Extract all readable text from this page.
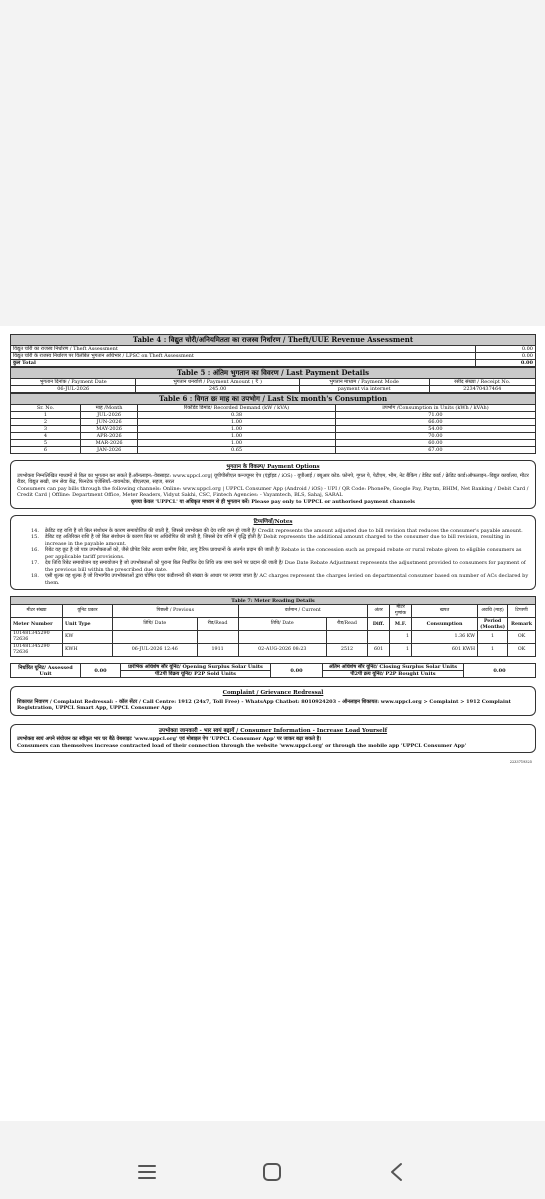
Table 4 : विद्युत चोरी/अनियमितता का राजस्व निर्धारण / Theft/UUE Revenue Assessment	
विद्युत चोरी का राजस्व निर्धारण / Theft Assessment	0.00
विद्युत चोरी के राजस्व निर्धारण पर विलंबित भुगतान अधिभार / LPSC on Theft Assessment	0.00
कुल Total	0.00
Table 5 : अंतिम भुगतान का विवरण / Last Payment Details			
भुगतान दिनांक / Payment Date	भुगतान धनराशि / Payment Amount ( ₹ )	भुगतान माध्यम / Payment Mode	रसीद संख्या / Receipt No.
06-JUL-2026	245.00	payment via internet	223470437464
Table 6 : विगत छः माह का उपभोग / Last Six month's Consumption			
Sr. No.	माह /Month	रिकॉर्डेड डिमांड/ Recorded Demand (kW / kVA)	उपभोग /Consumption in Units (kWh / kVAh)
1	JUL-2026	0.38	71.00
2	JUN-2026	1.00	66.00
3	MAY-2026	1.00	54.00
4	APR-2026	1.00	70.00
5	MAR-2026	1.00	60.00
6	JAN-2026	0.65	67.00
भुगतान के विकल्प/ Payment Options
उपभोक्ता निम्नलिखित माध्यमों से बिल का भुगतान कर सकते हैं:ऑनलाइन:-वेबसाइट: www.uppcl.org| यूपीपीसीएल कन्ज्यूमर ऐप (एंड्रॉइड / iOS) - यूपीआई / क्यूआर कोड: फ़ोनपे, गूगल पे, पेटीएम, भीम, नेट बैंकिंग / डेबिट कार्ड / क्रेडिट कार्ड।ऑफलाइन:-विद्युत कार्यालय, मीटर रीडर, विद्युत सखी, जन सेवा केंद्र, फिनटेक एजेंसियाँ:-वायमटेक, बीएलएस, सहज, सरल
Consumers can pay bills through the following channels: Online: www.uppcl.org | UPPCL Consumer App (Android / iOS) - UPI / QR Code: PhonePe, Google Pay, Paytm, BHIM, Net Banking / Debit Card / Credit Card | Offline: Department Office, Meter Readers, Vidyut Sakhi, CSC, Fintech Agencies: - Vayamtech, BLS, Sahaj, SARAL
कृपया केवल 'UPPCL' या अधिकृत माध्यम से ही भुगतान करें। Please pay only to UPPCL or authorised payment channels
टिप्पणियाँ/Notes
14.	क्रेडिट वह राशि है जो बिल संशोधन के कारण समायोजित की जाती है, जिससे उपभोक्ता की देय राशि कम हो जाती है/ Credit represents the amount adjusted due to bill revision that reduces the consumer's payable amount.
15.	डेबिट वह अतिरिक्त राशि है जो बिल संशोधन के कारण बिल पर अधिरोपित की जाती है, जिससे देय राशि में वृद्धि होती है/ Debit represents the additional amount charged to the consumer due to bill revision, resulting in increase in the payable amount.
16.	रिबेट वह छूट है जो पात्र उपभोक्ताओं को, जैसे प्रीपेड रिबेट अथवा ग्रामीण रिबेट, लागू टैरिफ प्रावधानों के अंतर्गत प्रदान की जाती है/ Rebate is the concession such as prepaid rebate or rural rebate given to eligible consumers as per applicable tariff provisions.
17.	देय तिथि रिबेट समायोजन वह समायोजन है जो उपभोक्ताओं को पुराना बिल निर्धारित देय तिथि तक जमा करने पर प्रदान की जाती है/ Due Date Rebate Adjustment represents the adjustment provided to consumers for payment of the previous bill within the prescribed due date.
18.	एसी शुल्क वह शुल्क है जो विभागीय उपभोक्ताओं द्वारा घोषित एयर कंडीशनरों की संख्या के आधार पर लगाया जाता है/ AC charges represent the charges levied on departmental consumer based on number of ACs declared by them.
Table 7: Meter Reading Details										
मीटर संख्या	यूनिट प्रकार	पिछली / Previous		वर्तमान / Current		अंतर	मीटर गुणांक	खपत	अवधि (माह)	टिप्पणी
Meter Number	Unit Type	तिथि/ Date	रीड/Read	तिथि/ Date	रीड/Read	Diff.	M.F.	Consumption	Period (Months)	Remark
101481345290 72636	KW						1	1.36 KW	1	OK
101481345290 72636	KWH	06-JUL-2026 12:46	1911	02-AUG-2026 08:23	2512	601	1	601 KWH	1	OK
निर्धारित यूनिट/ Assessed Unit	0.00	प्रारंभिक अधिशेष सौर यूनिट/ Opening Surplus Solar Units	0.00	अंतिम अधिशेष सौर यूनिट/ Closing Surplus Solar Units	0.00
		पी2पी विक्रय यूनिट/ P2P Sold Units		पी2पी क्रय यूनिट/ P2P Bought Units	
Complaint / Grievance Redressal
शिकायत निवारण / Complaint Redressal: - कॉल सेंटर / Call Centre: 1912 (24x7, Toll Free) - WhatsApp Chatbot: 8010924203 – ऑनलाइन शिकायत: www.uppcl.org > Complaint > 1912 Complaint Registration, UPPCL Smart App, UPPCL Consumer App
उपभोक्ता जानकारी - भार स्वयं बढ़ायें / Consumer Information - Increase Load Yourself
उपभोक्ता स्वयं अपने संयोजन का स्वीकृत भार घर बैठे वेबसाइट 'www.uppcl.org' एवं मोबाइल ऐप 'UPPCL Consumer App' पर जाकर बढ़ा सकते है।
Consumers can themselves increase contracted load of their connection through the website 'www.uppcl.org' or through the mobile app 'UPPCL Consumer App'
2233719325
